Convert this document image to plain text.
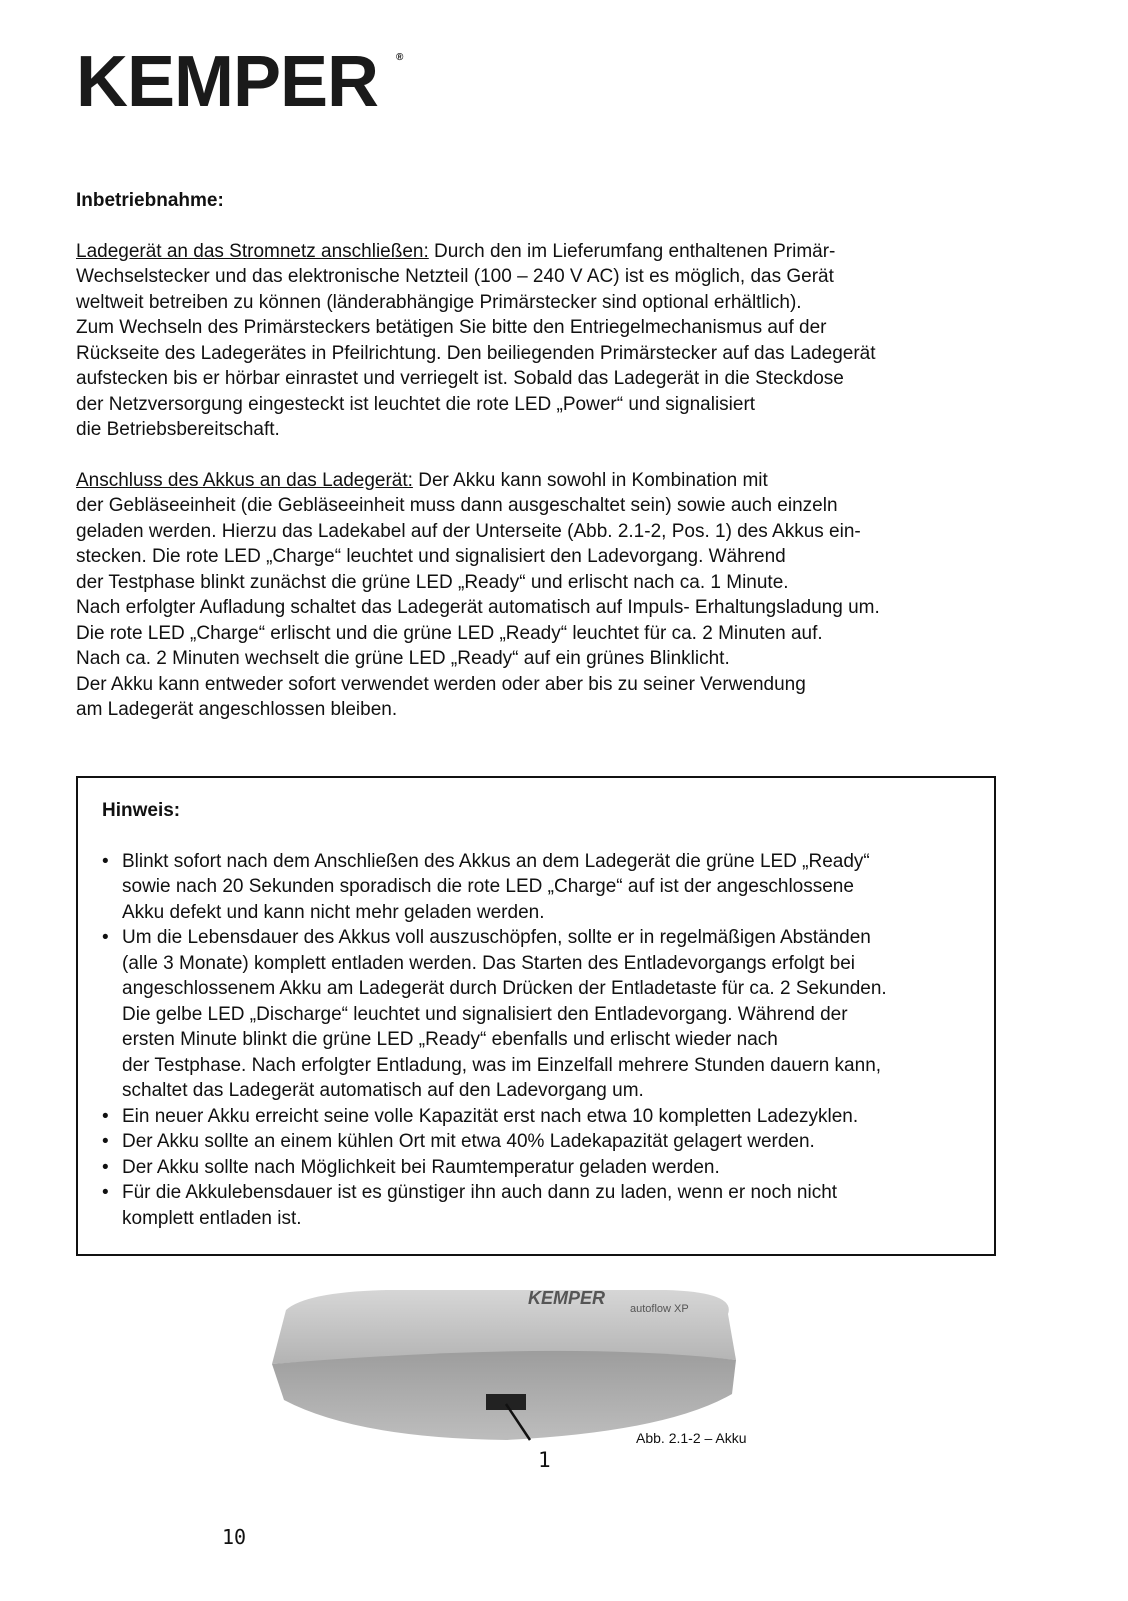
KEMPER ®

Inbetriebnahme:

Ladegerät an das Stromnetz anschließen: Durch den im Lieferumfang enthaltenen Primär-
Wechselstecker und das elektronische Netzteil (100 – 240 V AC) ist es möglich, das Gerät
weltweit betreiben zu können (länderabhängige Primärstecker sind optional erhältlich).
Zum Wechseln des Primärsteckers betätigen Sie bitte den Entriegelmechanismus auf der
Rückseite des Ladegerätes in Pfeilrichtung. Den beiliegenden Primärstecker auf das Ladegerät
aufstecken bis er hörbar einrastet und verriegelt ist. Sobald das Ladegerät in die Steckdose
der Netzversorgung eingesteckt ist leuchtet die rote LED „Power“ und signalisiert
die Betriebsbereitschaft.

Anschluss des Akkus an das Ladegerät: Der Akku kann sowohl in Kombination mit
der Gebläseeinheit (die Gebläseeinheit muss dann ausgeschaltet sein) sowie auch einzeln
geladen werden. Hierzu das Ladekabel auf der Unterseite (Abb. 2.1-2, Pos. 1) des Akkus ein-
stecken. Die rote LED „Charge“ leuchtet und signalisiert den Ladevorgang. Während
der Testphase blinkt zunächst die grüne LED „Ready“ und erlischt nach ca. 1 Minute.
Nach erfolgter Aufladung schaltet das Ladegerät automatisch auf Impuls- Erhaltungsladung um.
Die rote LED „Charge“ erlischt und die grüne LED „Ready“ leuchtet für ca. 2 Minuten auf.
Nach ca. 2 Minuten wechselt die grüne LED „Ready“ auf ein grünes Blinklicht.
Der Akku kann entweder sofort verwendet werden oder aber bis zu seiner Verwendung
am Ladegerät angeschlossen bleiben.

Hinweis:

• Blinkt sofort nach dem Anschließen des Akkus an dem Ladegerät die grüne LED „Ready“
sowie nach 20 Sekunden sporadisch die rote LED „Charge“ auf ist der angeschlossene
Akku defekt und kann nicht mehr geladen werden.
• Um die Lebensdauer des Akkus voll auszuschöpfen, sollte er in regelmäßigen Abständen
(alle 3 Monate) komplett entladen werden. Das Starten des Entladevorgangs erfolgt bei
angeschlossenem Akku am Ladegerät durch Drücken der Entladetaste für ca. 2 Sekunden.
Die gelbe LED „Discharge“ leuchtet und signalisiert den Entladevorgang. Während der
ersten Minute blinkt die grüne LED „Ready“ ebenfalls und erlischt wieder nach
der Testphase. Nach erfolgter Entladung, was im Einzelfall mehrere Stunden dauern kann,
schaltet das Ladegerät automatisch auf den Ladevorgang um.
• Ein neuer Akku erreicht seine volle Kapazität erst nach etwa 10 kompletten Ladezyklen.
• Der Akku sollte an einem kühlen Ort mit etwa 40% Ladekapazität gelagert werden.
• Der Akku sollte nach Möglichkeit bei Raumtemperatur geladen werden.
• Für die Akkulebensdauer ist es günstiger ihn auch dann zu laden, wenn er noch nicht
komplett entladen ist.
KEMPER
autoflow XP
1
Abb. 2.1-2 – Akku
10
